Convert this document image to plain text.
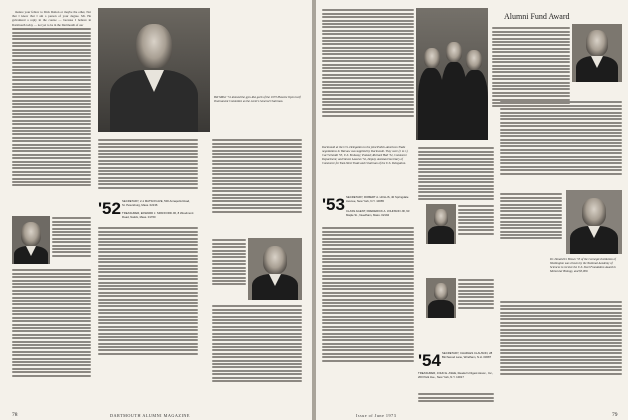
mature your fellow to Dick Dutton or maybe the other, Not that I know that I am a person of your degree. Mr. He galvanized a reply in the course — because I believe in Dartmouth today — not yet to be in the Dartmouth of our

Bill Miller '51 donned the gym-like garb of the 1973 Phoenix Open Golf Tournament Committee as the event's General Chairman.
'52 SECRETARY, 2-1 MATSON AVE, 500 Annapolis Road, St. Petersburg, Mass. 02136
TREASURER, EDWARD J. SPAFFORD JR, 8 Woodmont Road, Natick, Mass. 01760
78	DARTMOUTH ALUMNI MAGAZINE
Alumni Fund Award
Dartmouth at the U.S. Delegation to the joint Polish-American Trade negotiations in Warsaw was supplied by Dartmouth. They were (l. to r.) Carl Schmidt '53, U.S. Embassy; Poland; Richard Hall '52, Commerce Department; and Steven Lazarus '52, Deputy Assistant Secretary of Commerce for East-West Trade and Chairman of the U.S. Delegation.
'53 SECRETARY, ROBERT A. HOLLIS, 40 Springdale Avenue, New York, N.Y. 10065
CLASS AGENT, FREDERICK A. JOHNSON JR, 93 Maple St., Needham, Mass. 02194
'54 SECRETARY, CHARLES CLAUSON, 28 Birchwood Lane, Windham, N.H. 03087
TREASURER, JOHN E. ASHE, Reader's Digest Assoc., Inc., 200 Park Ave., New York, N.Y. 10017
Dr. Donald D. Brown '55 of the Carnegie Institution of Washington was chosen by the National Academy of Sciences to receive the U.S. Steel Foundation Award in Molecular Biology, and $5,000.
Issue of June 1973	79
